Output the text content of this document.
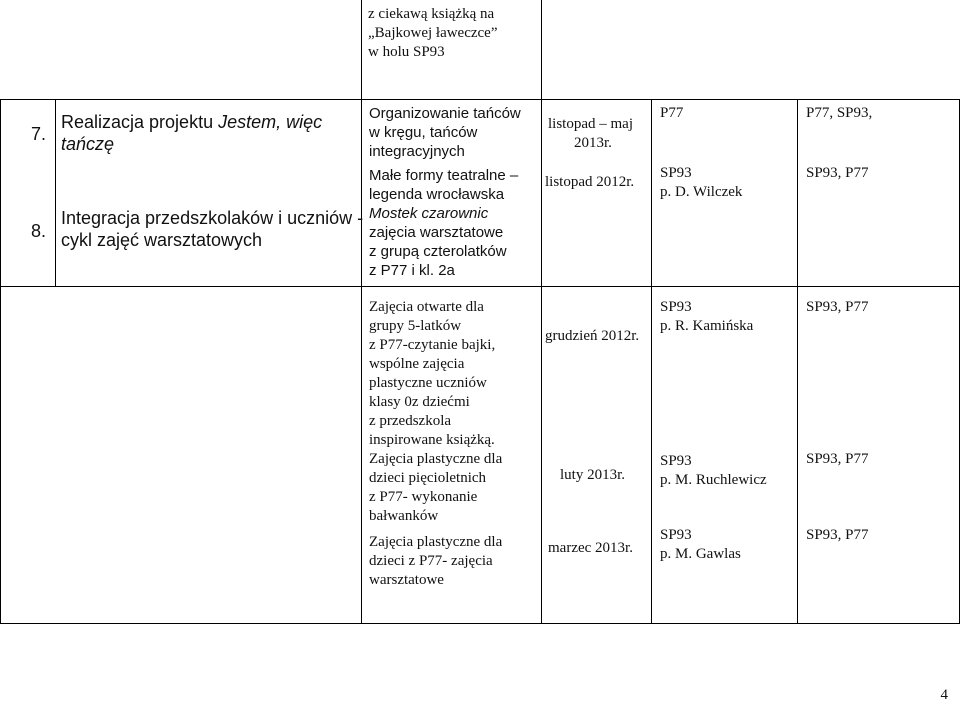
z ciekawą książką na
„Bajkowej ławeczce”
w holu SP93
7.
8.
Realizacja projektu Jestem, więc
tańczę
Integracja przedszkolaków i uczniów -
cykl zajęć warsztatowych
Organizowanie tańców
w kręgu, tańców
integracyjnych
Małe formy teatralne –
legenda wrocławska
Mostek czarownic
zajęcia warsztatowe
z grupą czterolatków
z P77 i kl. 2a
Zajęcia otwarte dla
grupy 5-latków
z P77-czytanie bajki,
wspólne zajęcia
plastyczne uczniów
klasy 0z dziećmi
z przedszkola
inspirowane książką.
Zajęcia plastyczne dla
dzieci pięcioletnich
z P77- wykonanie
bałwanków
Zajęcia plastyczne dla
dzieci z P77- zajęcia
warsztatowe
listopad – maj
2013r.
listopad 2012r.
grudzień 2012r.
luty 2013r.
marzec 2013r.
P77
SP93
p. D. Wilczek
SP93
p. R. Kamińska
SP93
p. M. Ruchlewicz
SP93
p. M. Gawlas
P77, SP93,
SP93, P77
SP93, P77
SP93, P77
SP93, P77
4
